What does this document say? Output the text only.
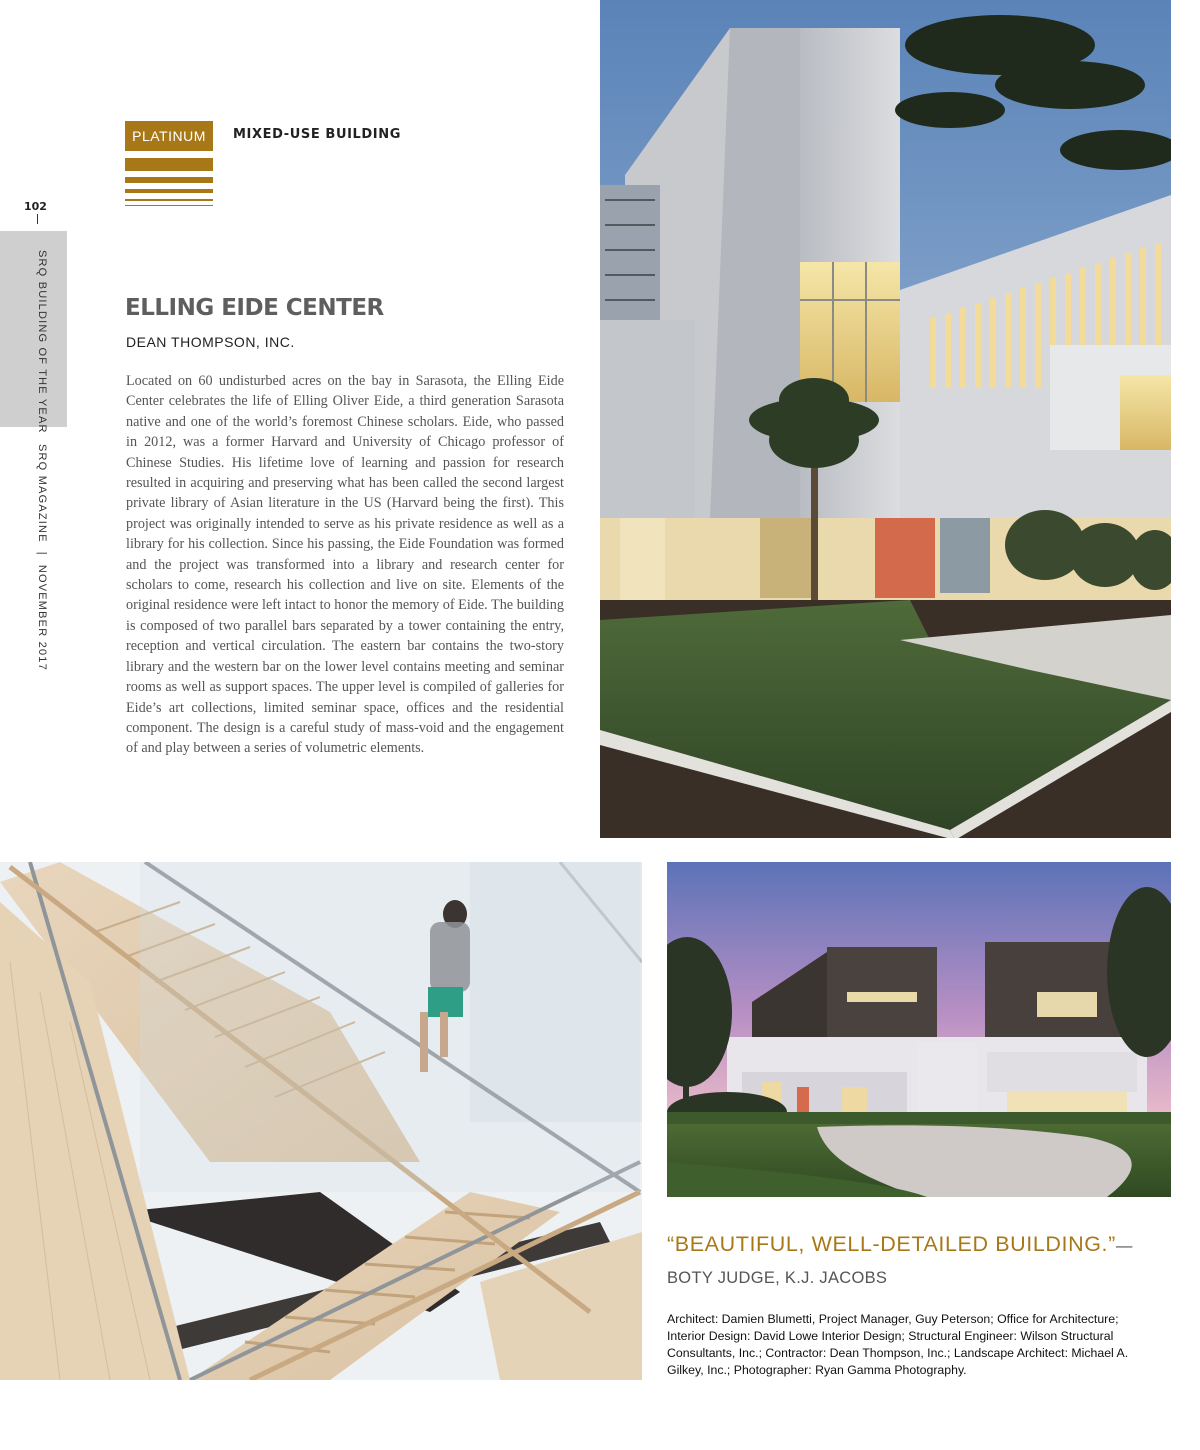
102
SRQ BUILDING OF THE YEAR
SRQ MAGAZINE|NOVEMBER 2017
PLATINUM	MIXED-USE BUILDING
ELLING EIDE CENTER
DEAN THOMPSON, INC.

Located on 60 undisturbed acres on the bay in Sarasota, the Elling Eide Center celebrates the life of Elling Oliver Eide, a third generation Sarasota native and one of the world’s foremost Chinese scholars. Eide, who passed in 2012, was a former Harvard and University of Chicago professor of Chinese Studies. His lifetime love of learning and passion for research resulted in acquiring and preserving what has been called the second largest private library of Asian literature in the US (Harvard being the first). This project was originally intended to serve as his private residence as well as a library for his collection. Since his passing, the Eide Foundation was formed and the project was transformed into a library and research center for scholars to come, research his collection and live on site. Elements of the original residence were left intact to honor the memory of Eide. The building is composed of two parallel bars separated by a tower containing the entry, reception and vertical circulation. The eastern bar contains the two-story library and the western bar on the lower level contains meeting and seminar rooms as well as support spaces. The upper level is compiled of galleries for Eide’s art collections, limited seminar space, offices and the residential component. The design is a careful study of mass-void and the engagement of and play between a series of volumetric elements.

“BEAUTIFUL, WELL-DETAILED BUILDING.”—BOTY JUDGE, K.J. JACOBS

Architect: Damien Blumetti, Project Manager, Guy Peterson; Office for Architecture; Interior Design: David Lowe Interior Design; Structural Engineer: Wilson Structural Consultants, Inc.; Contractor: Dean Thompson, Inc.; Landscape Architect: Michael A. Gilkey, Inc.; Photographer: Ryan Gamma Photography.
